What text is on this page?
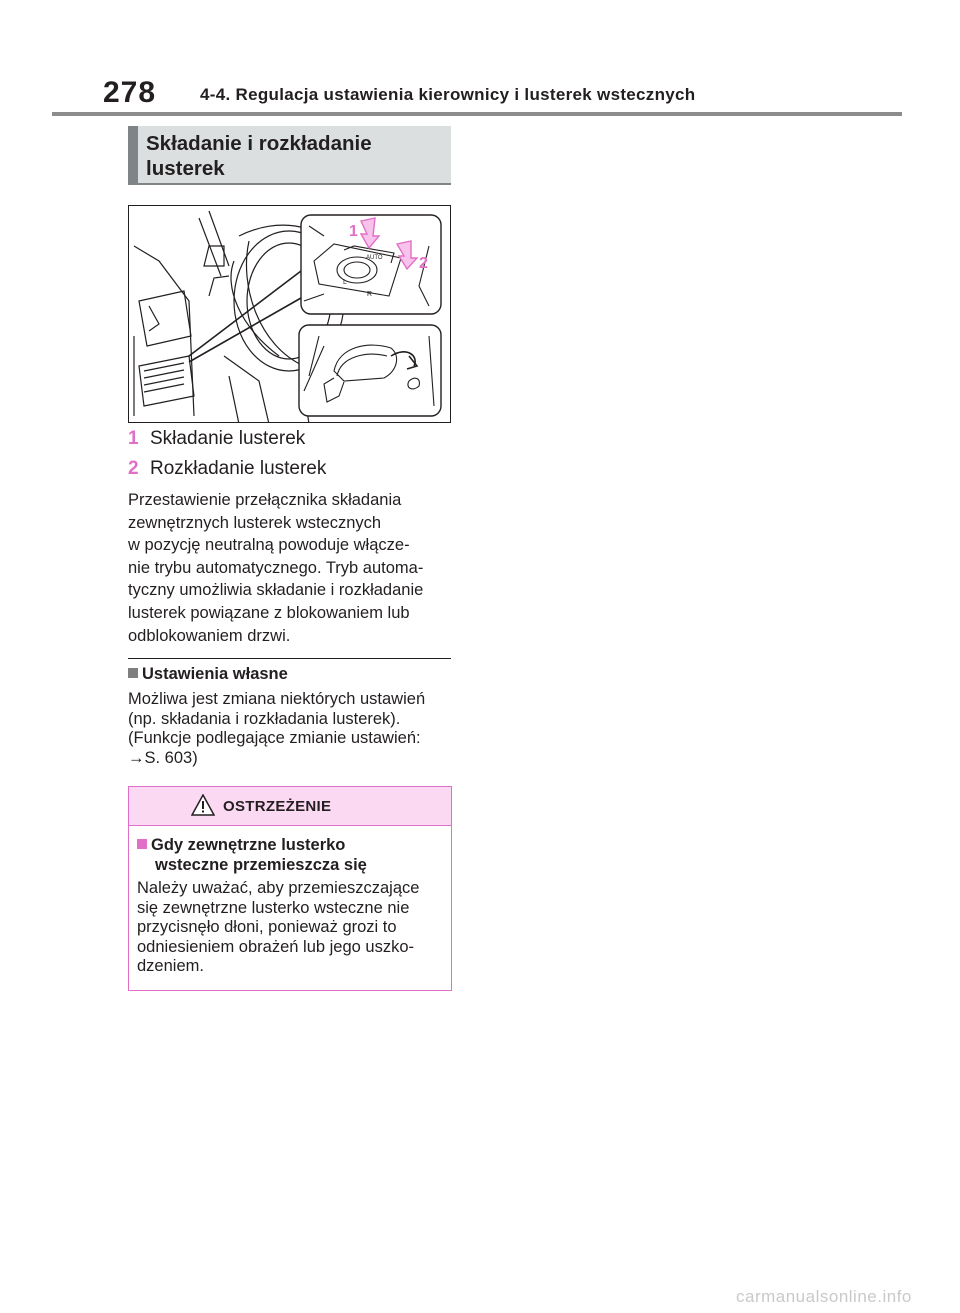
278	4-4. Regulacja ustawienia kierownicy i lusterek wstecznych
Składanie i rozkładanie
lusterek
L
R
AUTO
1
2
1 Składanie lusterek
2 Rozkładanie lusterek
Przestawienie przełącznika składania
zewnętrznych lusterek wstecznych
w pozycję neutralną powoduje włącze-
nie trybu automatycznego. Tryb automa-
tyczny umożliwia składanie i rozkładanie
lusterek powiązane z blokowaniem lub
odblokowaniem drzwi.
Ustawienia własne
Możliwa jest zmiana niektórych ustawień
(np. składania i rozkładania lusterek).
(Funkcje podlegające zmianie ustawień:
→S. 603)
OSTRZEŻENIE
Gdy zewnętrzne lusterko
wsteczne przemieszcza się
Należy uważać, aby przemieszczające
się zewnętrzne lusterko wsteczne nie
przycisnęło dłoni, ponieważ grozi to
odniesieniem obrażeń lub jego uszko-
dzeniem.
carmanualsonline.info
